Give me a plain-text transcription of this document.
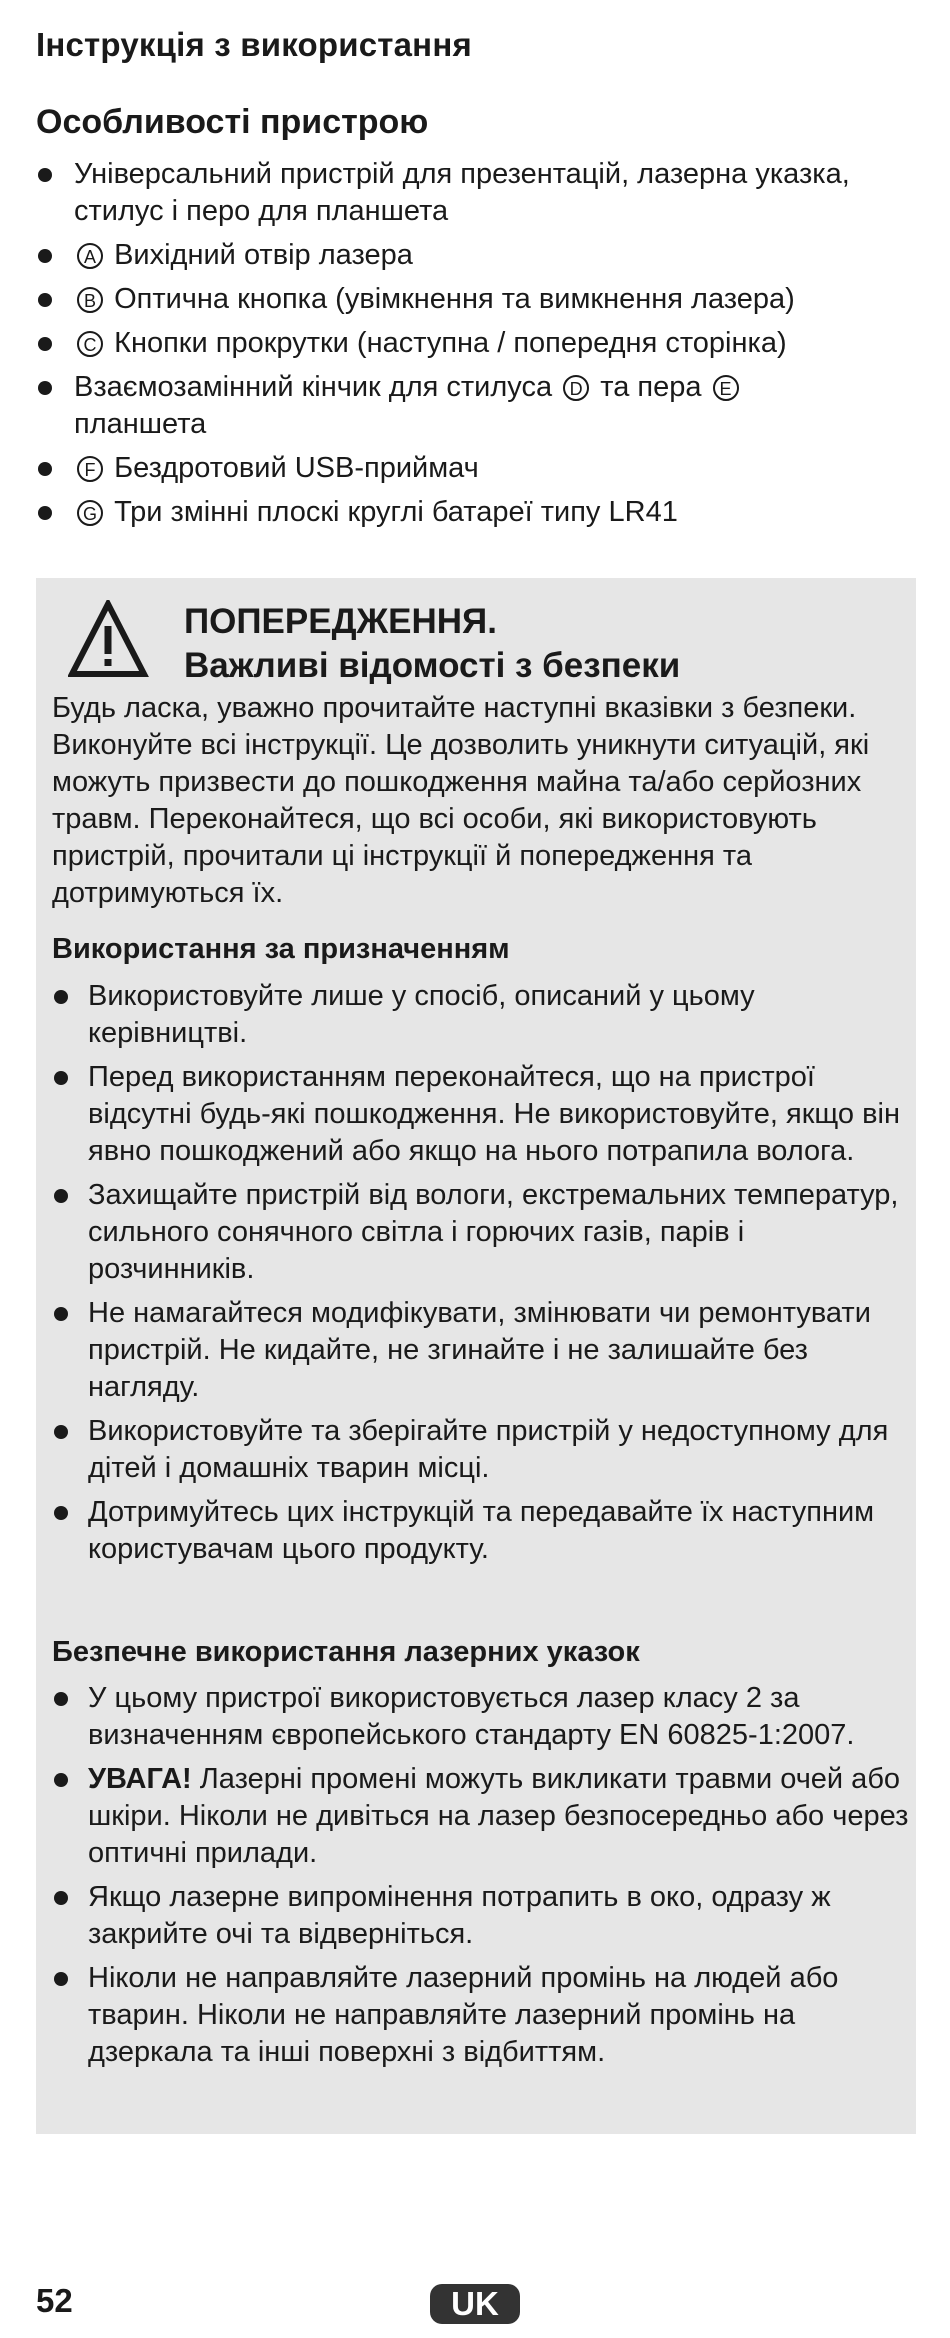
Інструкція з використання
Особливості пристрою
Універсальний пристрій для презентацій, лазерна указка, стилус і перо для планшета
A Вихідний отвір лазера
B Оптична кнопка (увімкнення та вимкнення лазера)
C Кнопки прокрутки (наступна / попередня сторінка)
Взаємозамінний кінчик для стилуса D та пера E
планшета
F Бездротовий USB-приймач
G Три змінні плоскі круглі батареї типу LR41
ПОПЕРЕДЖЕННЯ.
Важливі відомості з безпеки
Будь ласка, уважно прочитайте наступні вказівки з безпеки. Виконуйте всі інструкції. Це дозволить уникнути ситуацій, які можуть призвести до пошкодження майна та/або серйозних травм. Переконайтеся, що всі особи, які використовують пристрій, прочитали ці інструкції й попередження та дотримуються їх.
Використання за призначенням
Використовуйте лише у спосіб, описаний у цьому керівництві.
Перед використанням переконайтеся, що на пристрої відсутні будь-які пошкодження. Не використовуйте, якщо він явно пошкоджений або якщо на нього потрапила волога.
Захищайте пристрій від вологи, екстремальних температур, сильного сонячного світла і горючих газів, парів і розчинників.
Не намагайтеся модифікувати, змінювати чи ремонтувати пристрій. Не кидайте, не згинайте і не залишайте без нагляду.
Використовуйте та зберігайте пристрій у недоступному для дітей і домашніх тварин місці.
Дотримуйтесь цих інструкцій та передавайте їх наступним користувачам цього продукту.
Безпечне використання лазерних указок
У цьому пристрої використовується лазер класу 2 за визначенням європейського стандарту EN 60825-1:2007.
УВАГА! Лазерні промені можуть викликати травми очей або шкіри. Ніколи не дивіться на лазер безпосередньо або через оптичні прилади.
Якщо лазерне випромінення потрапить в око, одразу ж закрийте очі та відверніться.
Ніколи не направляйте лазерний промінь на людей або тварин. Ніколи не направляйте лазерний промінь на дзеркала та інші поверхні з відбиттям.
52	UK
